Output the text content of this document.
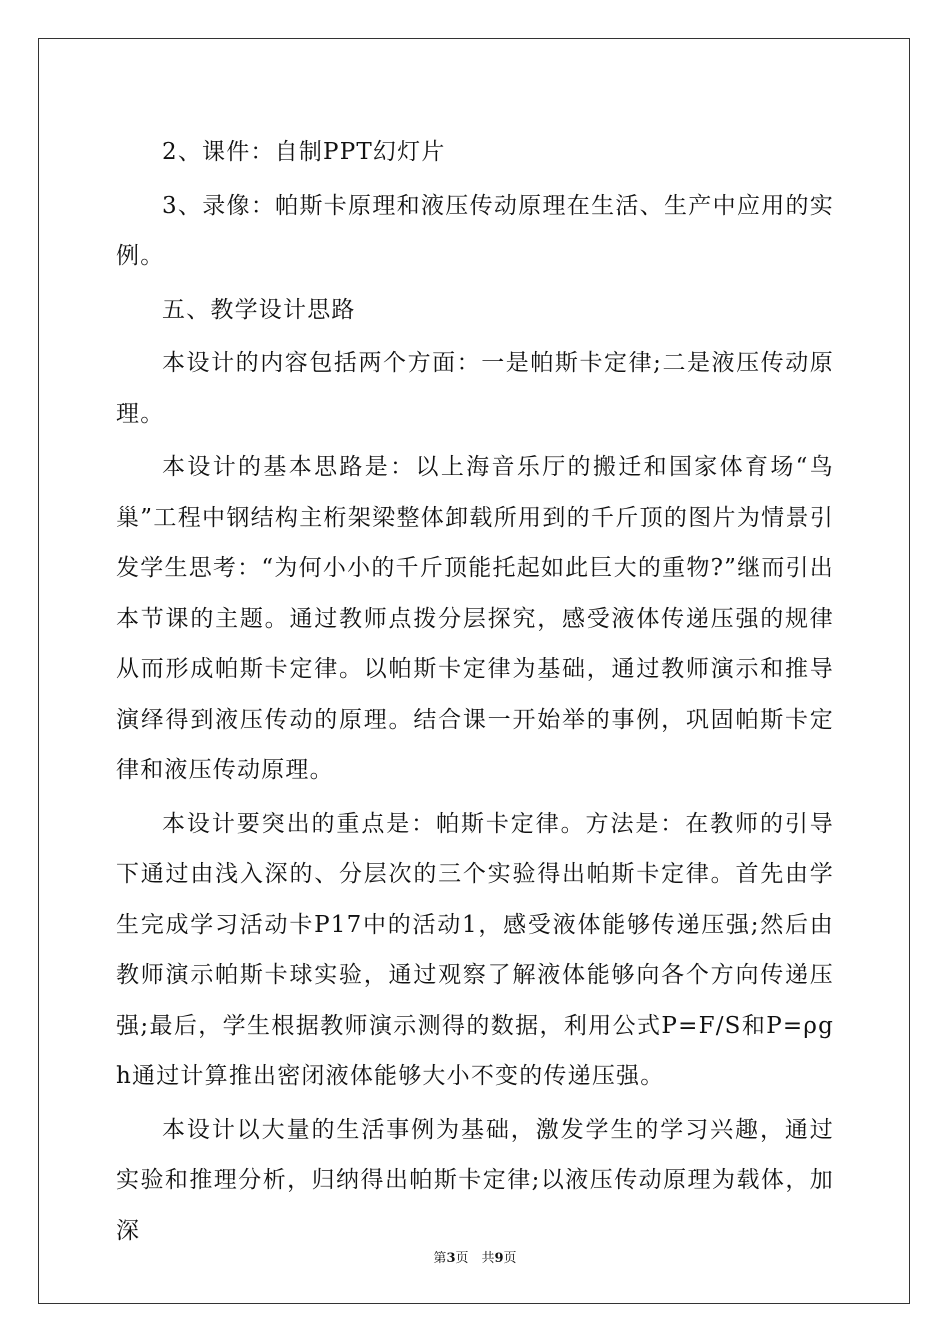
2、课件：自制PPT幻灯片

3、录像：帕斯卡原理和液压传动原理在生活、生产中应用的实例。

五、教学设计思路

本设计的内容包括两个方面：一是帕斯卡定律;二是液压传动原理。

本设计的基本思路是：以上海音乐厅的搬迁和国家体育场“鸟巢”工程中钢结构主桁架梁整体卸载所用到的千斤顶的图片为情景引发学生思考：“为何小小的千斤顶能托起如此巨大的重物?”继而引出本节课的主题。通过教师点拨分层探究，感受液体传递压强的规律从而形成帕斯卡定律。以帕斯卡定律为基础，通过教师演示和推导演绎得到液压传动的原理。结合课一开始举的事例，巩固帕斯卡定律和液压传动原理。

本设计要突出的重点是：帕斯卡定律。方法是：在教师的引导下通过由浅入深的、分层次的三个实验得出帕斯卡定律。首先由学生完成学习活动卡P17中的活动1，感受液体能够传递压强;然后由教师演示帕斯卡球实验，通过观察了解液体能够向各个方向传递压强;最后，学生根据教师演示测得的数据，利用公式P=F/S和P=ρgh通过计算推出密闭液体能够大小不变的传递压强。

本设计以大量的生活事例为基础，激发学生的学习兴趣，通过实验和推理分析，归纳得出帕斯卡定律;以液压传动原理为载体，加深

第3页　共9页
